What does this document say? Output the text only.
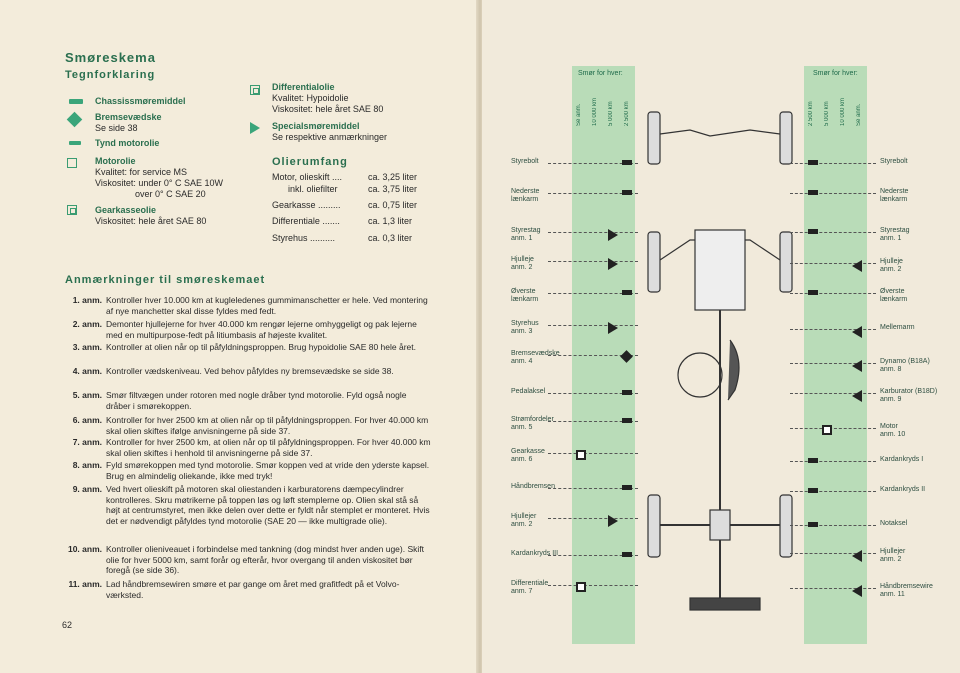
Smøreskema
Tegnforklaring
Chassissmøremiddel
Bremsevædske
Se side 38
Tynd motorolie
Motorolie
Kvalitet: for service MS
Viskositet: under 0° C SAE 10W
over 0° C SAE 20
Gearkasseolie
Viskositet: hele året SAE 80
Differentialolie
Kvalitet: Hypoidolie
Viskositet: hele året SAE 80
Specialsmøremiddel
Se respektive anmærkninger
Olierumfang
Motor, olieskift ....	ca. 3,25 liter
inkl. oliefilter	ca. 3,75 liter
Gearkasse .........	ca. 0,75 liter
Differentiale .......	ca. 1,3 liter
Styrehus ..........	ca. 0,3 liter
Anmærkninger til smøreskemaet
1. anm. Kontroller hver 10.000 km at kugleledenes gummimanschetter er hele. Ved montering af nye manchetter skal disse fyldes med fedt.
2. anm. Demonter hjullejerne for hver 40.000 km rengør lejerne omhyggeligt og pak lejerne med en multipurpose-fedt på litiumbasis af højeste kvalitet.
3. anm. Kontroller at olien når op til påfyldningsproppen. Brug hypoidolie SAE 80 hele året.
4. anm. Kontroller vædskeniveau. Ved behov påfyldes ny bremsevædske se side 38.
5. anm. Smør filtvægen under rotoren med nogle dråber tynd motorolie. Fyld også nogle dråber i smørekoppen.
6. anm. Kontroller for hver 2500 km at olien når op til påfyldningsproppen. For hver 40.000 km skal olien skiftes ifølge anvisningerne på side 37.
7. anm. Kontroller for hver 2500 km, at olien når op til påfyldningsproppen. For hver 40.000 km skal olien skiftes i henhold til anvisningerne på side 37.
8. anm. Fyld smørekoppen med tynd motorolie. Smør koppen ved at vride den yderste kapsel. Brug en almindelig oliekande, ikke med tryk!
9. anm. Ved hvert olieskift på motoren skal oliestanden i karburatorens dæmpecylindrer kontrolleres. Skru møtrikerne på toppen løs og løft stemplerne op. Olien skal stå så højt at centrumstyret, men ikke delen over dette er fyldt når stemplet er monteret. Hvis det er nødvendigt påfyldes tynd motorolie (SAE 20 — ikke multigrade olie).
10. anm. Kontroller olieniveauet i forbindelse med tankning (dog mindst hver anden uge). Skift olie for hver 5000 km, samt forår og efterår, hvor overgang til anden viskositet bør foregå (se side 36).
11. anm. Lad håndbremsewiren smøre et par gange om året med grafitfedt på et Volvo-værksted.
62
Smør for hver:	Smør for hver:
Se anm.	10 000 km	5 000 km	2 500 km	2 500 km	5 000 km	10 000 km	Se anm.
Styrebolt
Nederste
lænkarm
Styrestag
anm. 1
Hjulleje
anm. 2
Øverste
lænkarm
Styrehus
anm. 3
Bremsevædske
anm. 4
Pedalaksel
Strømfordeler
anm. 5
Gearkasse
anm. 6
Håndbremsen
Hjullejer
anm. 2
Kardankryds III
Differentiale
anm. 7
Styrebolt
Nederste
lænkarm
Styrestag
anm. 1
Hjulleje
anm. 2
Øverste
lænkarm
Mellemarm
Dynamo (B18A)
anm. 8
Karburator (B18D)
anm. 9
Motor
anm. 10
Kardankryds I
Kardankryds II
Notaksel
Hjullejer
anm. 2
Håndbremsewire
anm. 11
